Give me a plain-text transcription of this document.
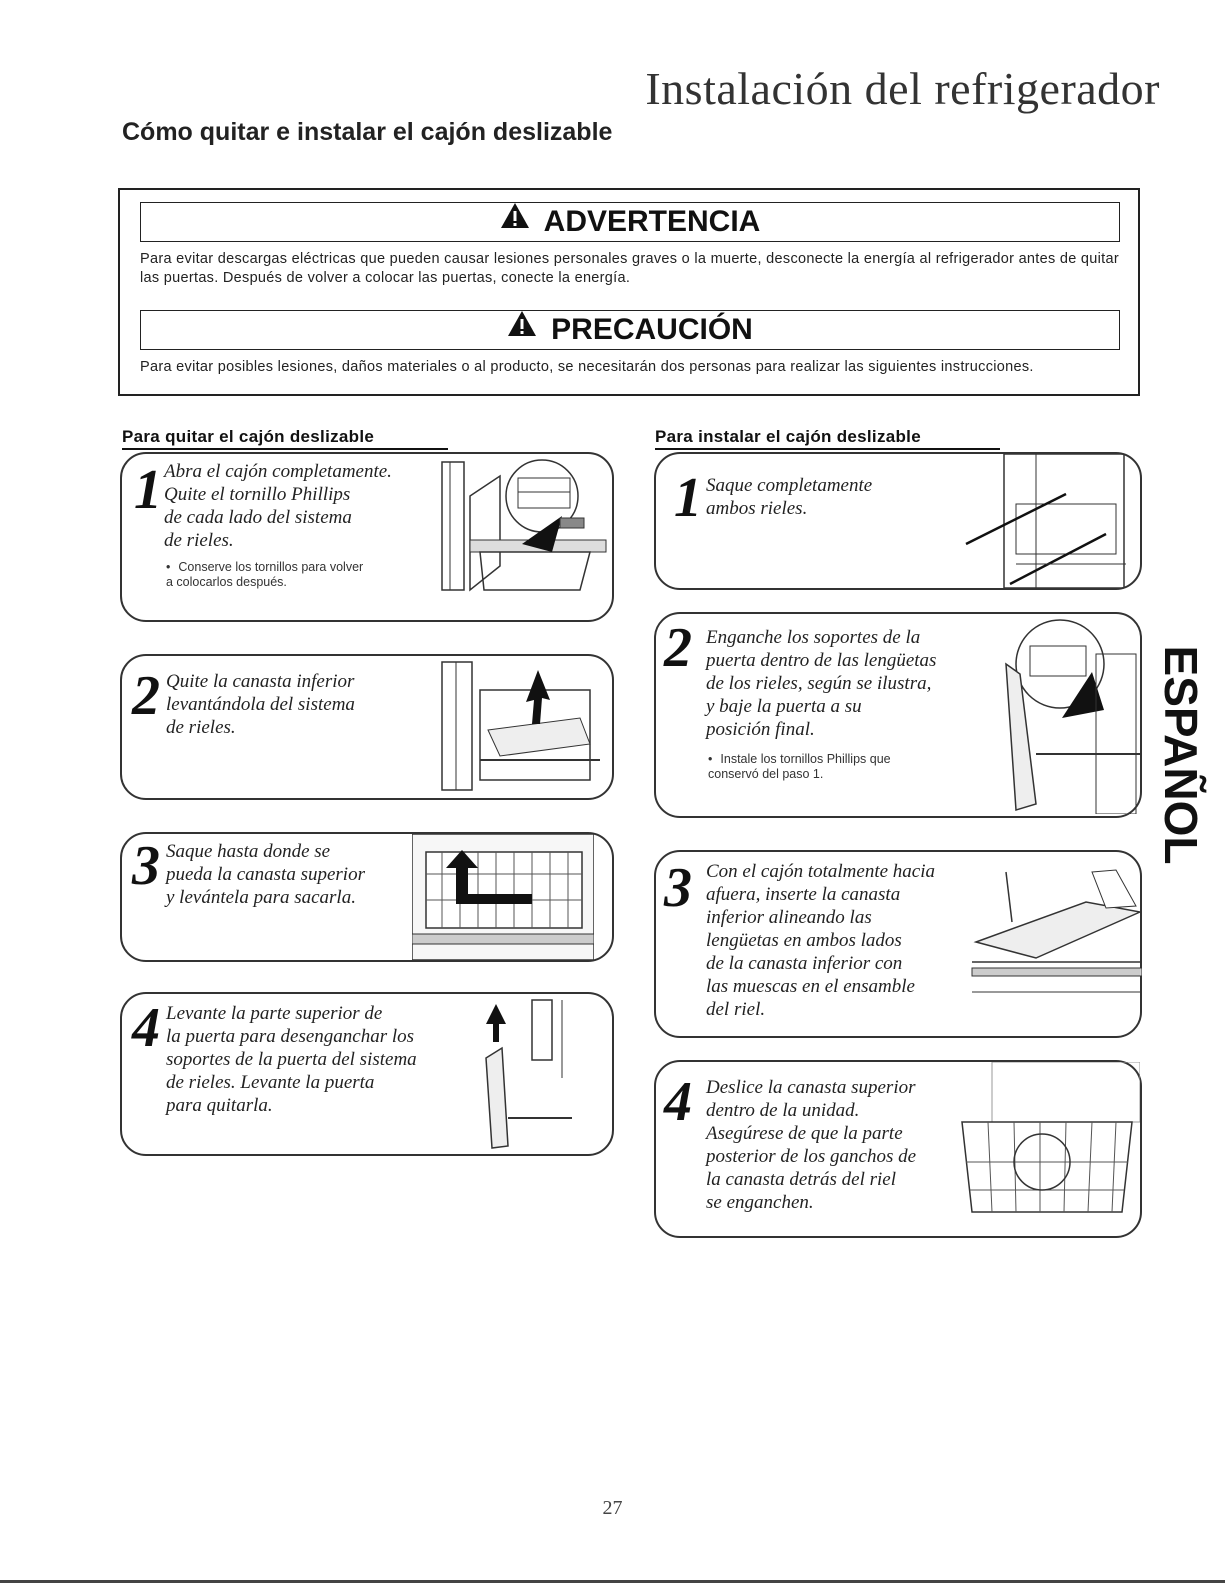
Instalación del refrigerador
Cómo quitar e instalar el cajón deslizable
ADVERTENCIA

Para evitar descargas eléctricas que pueden causar lesiones personales graves o la muerte, desconecte la energía al refrigerador antes de quitar las puertas. Después de volver a colocar las puertas, conecte la energía.

PRECAUCIÓN

Para evitar posibles lesiones, daños materiales o al producto, se necesitarán dos personas para realizar las siguientes instrucciones.

Para quitar el cajón deslizable	Para instalar el cajón deslizable
1 Abra el cajón completamente.
Quite el tornillo Phillips
de cada lado del sistema
de rieles.
• Conserve los tornillos para volver
a colocarlos después.
2 Quite la canasta inferior
levantándola del sistema
de rieles.
3 Saque hasta donde se
pueda la canasta superior
y levántela para sacarla.
4 Levante la parte superior de
la puerta para desenganchar los
soportes de la puerta del sistema
de rieles. Levante la puerta
para quitarla.
1 Saque completamente
ambos rieles.
2 Enganche los soportes de la
puerta dentro de las lengüetas
de los rieles, según se ilustra,
y baje la puerta a su
posición final.
• Instale los tornillos Phillips que
conservó del paso 1.
3 Con el cajón totalmente hacia
afuera, inserte la canasta
inferior alineando las
lengüetas en ambos lados
de la canasta inferior con
las muescas en el ensamble
del riel.
4 Deslice la canasta superior
dentro de la unidad.
Asegúrese de que la parte
posterior de los ganchos de
la canasta detrás del riel
se enganchen.
ESPAÑOL
27
